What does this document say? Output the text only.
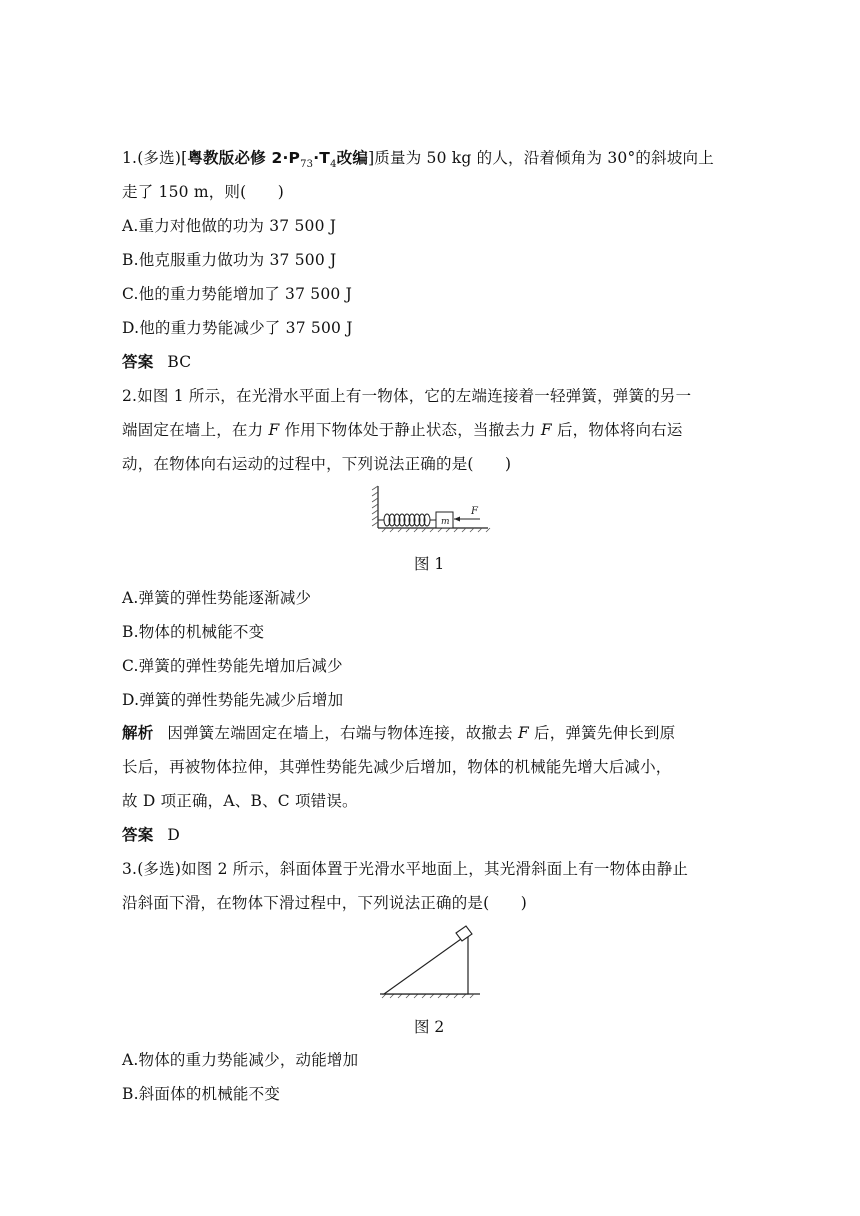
1.(多选)[粤教版必修 $2\cdot P_{73}\cdot T_4$改编]质量为 50 kg 的人，沿着倾角为 30°的斜坡向上
走了 150 m，则(　　)
A.重力对他做的功为 37 500 J
B.他克服重力做功为 37 500 J
C.他的重力势能增加了 37 500 J
D.他的重力势能减少了 37 500 J
答案 BC
2.如图 1 所示，在光滑水平面上有一物体，它的左端连接着一轻弹簧，弹簧的另一
端固定在墙上，在力 F 作用下物体处于静止状态，当撤去力 F 后，物体将向右运
动，在物体向右运动的过程中，下列说法正确的是(　　)
m
F
图 1
A.弹簧的弹性势能逐渐减少
B.物体的机械能不变
C.弹簧的弹性势能先增加后减少
D.弹簧的弹性势能先减少后增加
解析 因弹簧左端固定在墙上，右端与物体连接，故撤去 F 后，弹簧先伸长到原
长后，再被物体拉伸，其弹性势能先减少后增加，物体的机械能先增大后减小，
故 D 项正确，A、B、C 项错误。
答案 D
3.(多选)如图 2 所示，斜面体置于光滑水平地面上，其光滑斜面上有一物体由静止
沿斜面下滑，在物体下滑过程中，下列说法正确的是(　　)
图 2
A.物体的重力势能减少，动能增加
B.斜面体的机械能不变
